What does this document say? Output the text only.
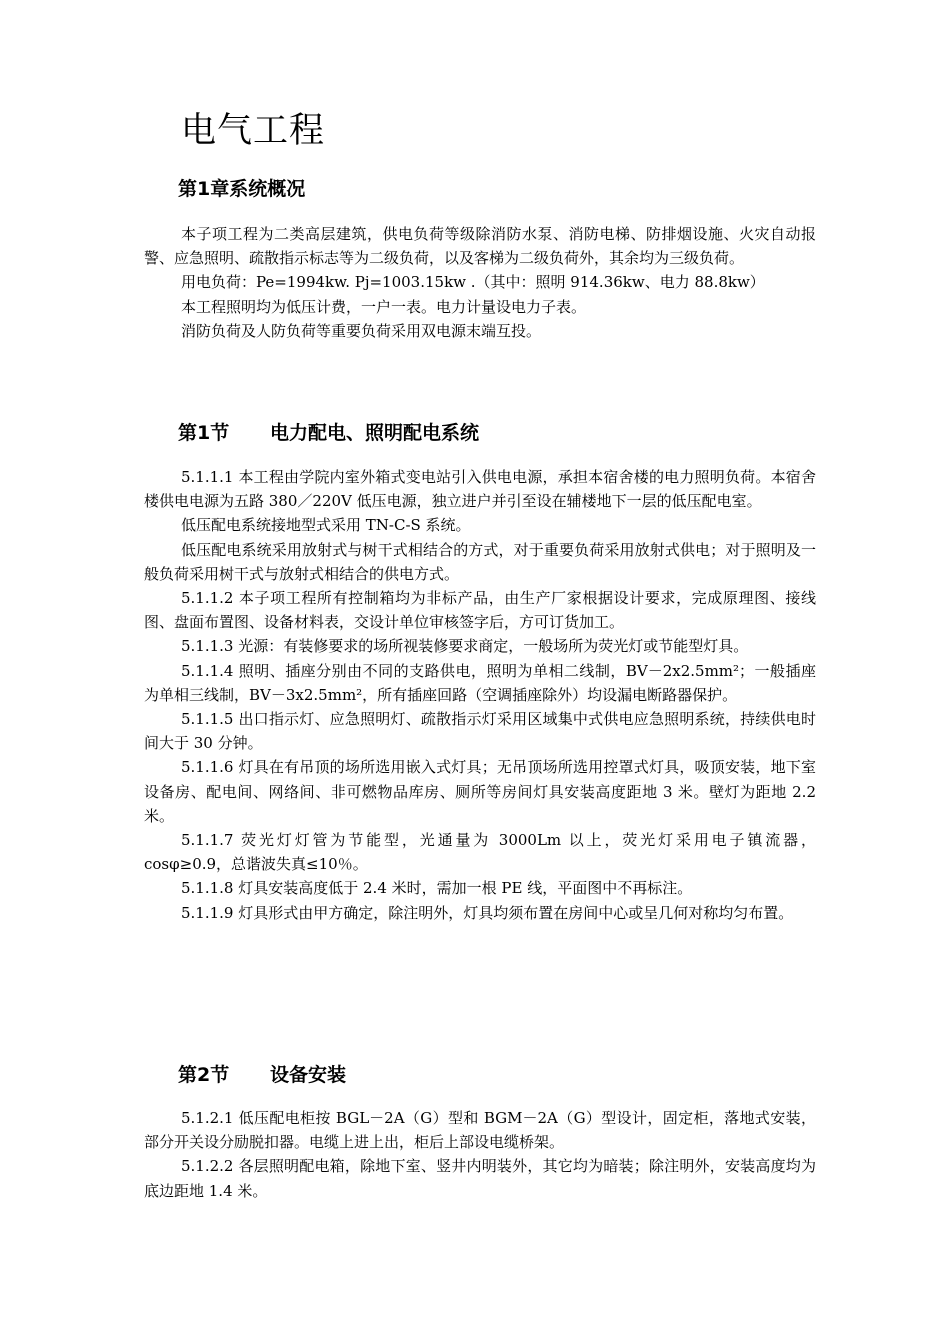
电气工程
第1章系统概况

本子项工程为二类高层建筑，供电负荷等级除消防水泵、消防电梯、防排烟设施、火灾自动报警、应急照明、疏散指示标志等为二级负荷，以及客梯为二级负荷外，其余均为三级负荷。

用电负荷：Pe=1994kw. Pj=1003.15kw .（其中：照明 914.36kw、电力 88.8kw）

本工程照明均为低压计费，一户一表。电力计量设电力子表。

消防负荷及人防负荷等重要负荷采用双电源末端互投。

第1节 电力配电、照明配电系统

5.1.1.1 本工程由学院内室外箱式变电站引入供电电源，承担本宿舍楼的电力照明负荷。本宿舍楼供电电源为五路 380／220V 低压电源，独立进户并引至设在辅楼地下一层的低压配电室。

低压配电系统接地型式采用 TN-C-S 系统。

低压配电系统采用放射式与树干式相结合的方式，对于重要负荷采用放射式供电；对于照明及一般负荷采用树干式与放射式相结合的供电方式。

5.1.1.2 本子项工程所有控制箱均为非标产品，由生产厂家根据设计要求，完成原理图、接线图、盘面布置图、设备材料表，交设计单位审核签字后，方可订货加工。

5.1.1.3 光源：有装修要求的场所视装修要求商定，一般场所为荧光灯或节能型灯具。

5.1.1.4 照明、插座分别由不同的支路供电，照明为单相二线制，BV－2x2.5mm²；一般插座为单相三线制，BV－3x2.5mm²，所有插座回路（空调插座除外）均设漏电断路器保护。

5.1.1.5 出口指示灯、应急照明灯、疏散指示灯采用区域集中式供电应急照明系统，持续供电时间大于 30 分钟。

5.1.1.6 灯具在有吊顶的场所选用嵌入式灯具；无吊顶场所选用控罩式灯具，吸顶安装，地下室设备房、配电间、网络间、非可燃物品库房、厕所等房间灯具安装高度距地 3 米。壁灯为距地 2.2 米。

5.1.1.7 荧光灯灯管为节能型，光通量为 3000Lm 以上，荧光灯采用电子镇流器，cosφ≥0.9，总谐波失真≤10％。

5.1.1.8 灯具安装高度低于 2.4 米时，需加一根 PE 线，平面图中不再标注。

5.1.1.9 灯具形式由甲方确定，除注明外，灯具均须布置在房间中心或呈几何对称均匀布置。

第2节 设备安装

5.1.2.1 低压配电柜按 BGL－2A（G）型和 BGM－2A（G）型设计，固定柜，落地式安装，部分开关设分励脱扣器。电缆上进上出，柜后上部设电缆桥架。

5.1.2.2 各层照明配电箱，除地下室、竖井内明装外，其它均为暗装；除注明外，安装高度均为底边距地 1.4 米。
